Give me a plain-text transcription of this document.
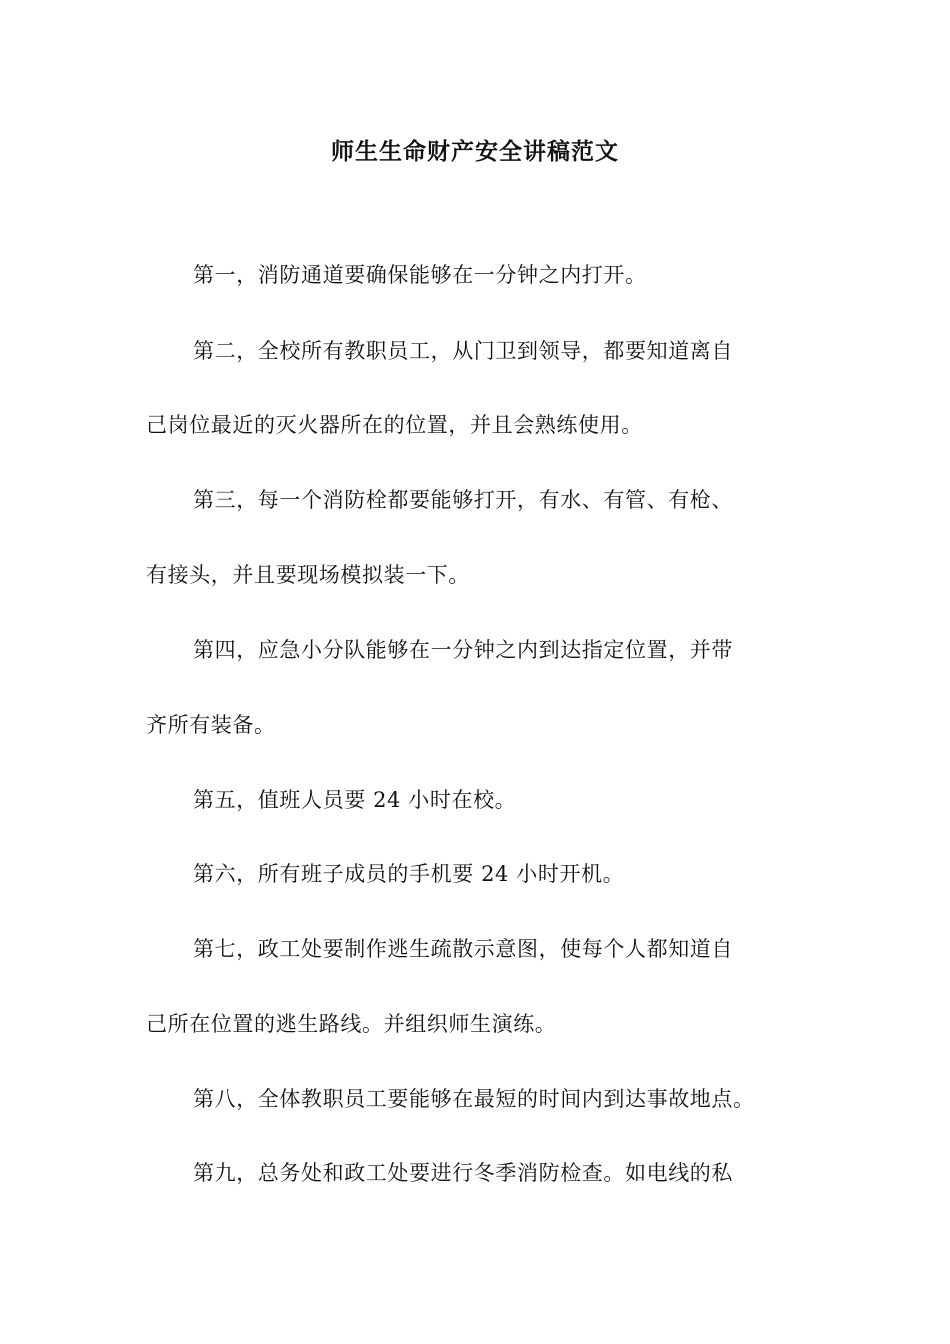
师生生命财产安全讲稿范文
第一，消防通道要确保能够在一分钟之内打开。
第二，全校所有教职员工，从门卫到领导，都要知道离自
己岗位最近的灭火器所在的位置，并且会熟练使用。
第三，每一个消防栓都要能够打开，有水、有管、有枪、
有接头，并且要现场模拟装一下。
第四，应急小分队能够在一分钟之内到达指定位置，并带
齐所有装备。
第五，值班人员要 24 小时在校。
第六，所有班子成员的手机要 24 小时开机。
第七，政工处要制作逃生疏散示意图，使每个人都知道自
己所在位置的逃生路线。并组织师生演练。
第八，全体教职员工要能够在最短的时间内到达事故地点。
第九，总务处和政工处要进行冬季消防检查。如电线的私
